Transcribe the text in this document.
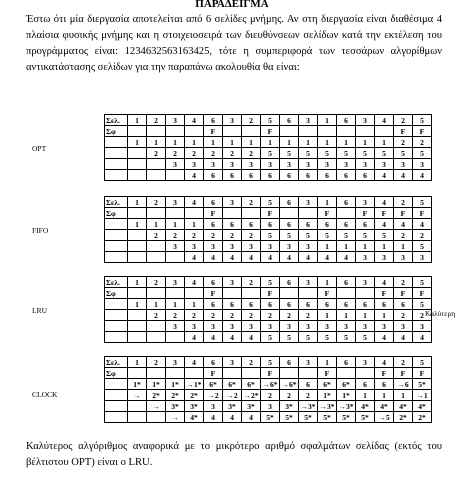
ΠΑΡΑΔΕΙΓΜΑ
Έστω ότι μία διεργασία αποτελείται από 6 σελίδες μνήμης. Αν στη διεργασία είναι διαθέσιμα 4 πλαίσια φυσικής μνήμης και η στοιχειοσειρά των διευθύνσεων σελίδων κατά την εκτέλεση του προγράμματος είναι: 1234632563163425, τότε η συμπεριφορά των τεσσάρων αλγορίθμων αντικατάστασης σελίδων για την παραπάνω ακολουθία θα είναι:
OPT
Σελ.	1	2	3	4	6	3	2	5	6	3	1	6	3	4	2	5
Σφ					F			F							F	F
	1	1	1	1	1	1	1	1	1	1	1	1	1	1	2	2
		2	2	2	2	2	2	5	5	5	5	5	5	5	5	5
			3	3	3	3	3	3	3	3	3	3	3	3	3	3
				4	6	6	6	6	6	6	6	6	6	4	4	4
FIFO
Σελ.	1	2	3	4	6	3	2	5	6	3	1	6	3	4	2	5
Σφ					F			F			F		F	F	F	F
	1	1	1	1	6	6	6	6	6	6	6	6	6	4	4	4
		2	2	2	2	2	2	5	5	5	5	5	5	5	2	2
			3	3	3	3	3	3	3	3	1	1	1	1	1	5
				4	4	4	4	4	4	4	4	4	3	3	3	3
LRU
Σελ.	1	2	3	4	6	3	2	5	6	3	1	6	3	4	2	5
Σφ					F			F			F			F	F	F
	1	1	1	1	6	6	6	6	6	6	6	6	6	6	6	5
		2	2	2	2	2	2	2	2	2	1	1	1	1	2	2
			3	3	3	3	3	3	3	3	3	3	3	3	3	3
				4	4	4	4	5	5	5	5	5	5	4	4	4
CLOCK
Σελ.	1	2	3	4	6	3	2	5	6	3	1	6	3	4	2	5
Σφ					F			F			F			F	F	F
	1*	1*	1*	→1*	6*	6*	6*	→6*	→6*	6	6*	6*	6	6	→6	5*
	→	2*	2*	2*	→2	→2	→2*	2	2	2	1*	1*	1	1	1	→1
		→	3*	3*	3	3*	3*	3	3*	→3*	→3*	→3*	4*	4*	4*	4*
			→	4*	4	4	4	5*	5*	5*	5*	5*	5*	→5	2*	2*
Καλύτερη
Καλύτερος αλγόριθμος αναφορικά με το μικρότερο αριθμό σφαλμάτων σελίδας (εκτός του βέλτιστου OPT) είναι ο LRU.
